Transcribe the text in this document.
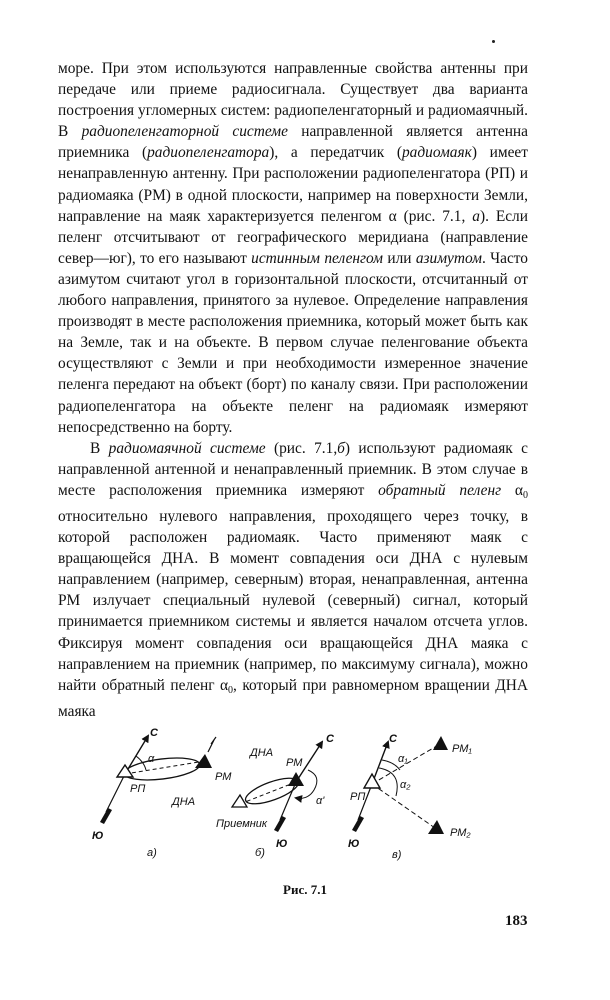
море. При этом используются направленные свойства антенны при передаче или приеме радиосигнала. Существует два варианта построения угломерных систем: радиопеленгаторный и радиомаячный. В радиопеленгаторной системе направленной является антенна приемника (радиопеленгатора), а передатчик (радиомаяк) имеет ненаправленную антенну. При расположении радиопеленгатора (РП) и радиомаяка (РМ) в одной плоскости, например на поверхности Земли, направление на маяк характеризуется пеленгом α (рис. 7.1, а). Если пеленг отсчитывают от географического меридиана (направление север—юг), то его называют истинным пеленгом или азимутом. Часто азимутом считают угол в горизонтальной плоскости, отсчитанный от любого направления, принятого за нулевое. Определение направления производят в месте расположения приемника, который может быть как на Земле, так и на объекте. В первом случае пеленгование объекта осуществляют с Земли и при необходимости измеренное значение пеленга передают на объект (борт) по каналу связи. При расположении радиопеленгатора на объекте пеленг на радиомаяк измеряют непосредственно на борту.

В радиомаячной системе (рис. 7.1,б) используют радиомаяк с направленной антенной и ненаправленный приемник. В этом случае в месте расположения приемника измеряют обратный пеленг $\alpha_0$ относительно нулевого направления, проходящего через точку, в которой расположен радиомаяк. Часто применяют маяк с вращающейся ДНА. В момент совпадения оси ДНА с нулевым направлением (например, северным) вторая, ненаправленная, антенна РМ излучает специальный нулевой (северный) сигнал, который принимается приемником системы и является началом отсчета углов. Фиксируя момент совпадения оси вращающейся ДНА маяка с направлением на приемник (например, по максимуму сигнала), можно найти обратный пеленг $\alpha_0$, который при равномерном вращении ДНА маяка

С
α
РП
РМ
ДНА
Ю
а)
С
ДНА
РМ
α'
Приемник
Ю
б)
С
α₁
α₂
РП
РМ₁
РМ₂
Ю
в)
Рис. 7.1
183
